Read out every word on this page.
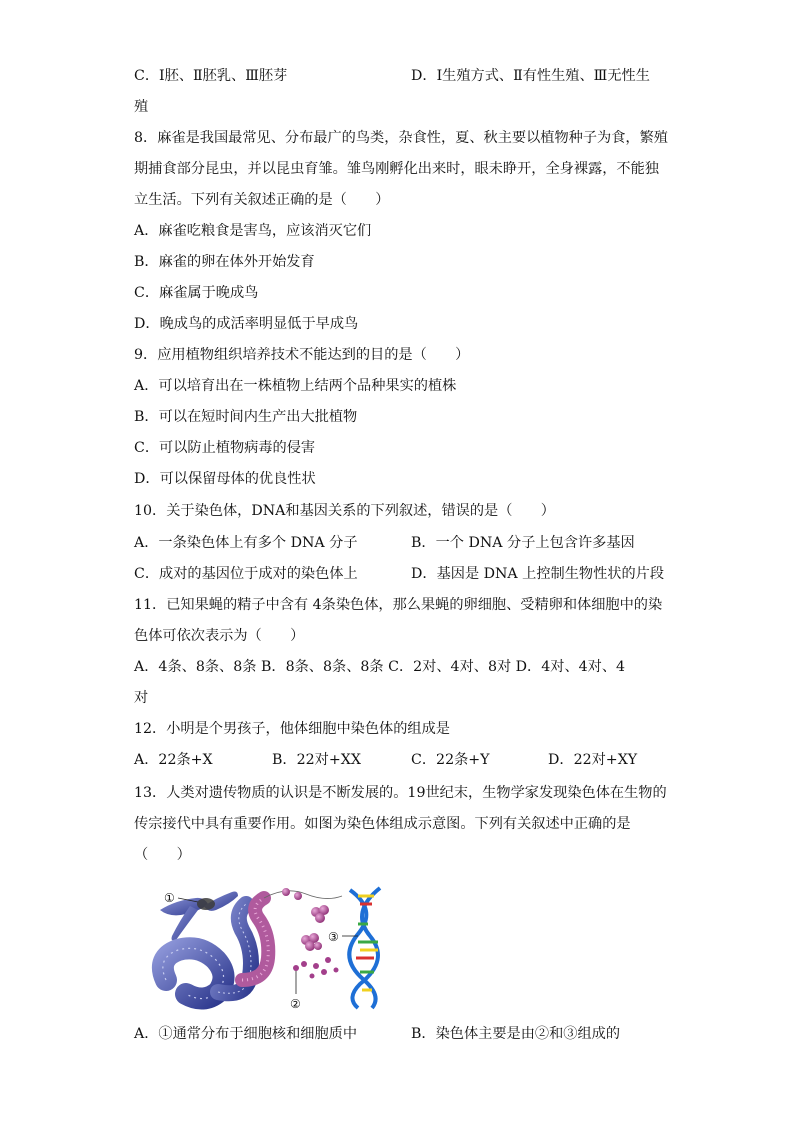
C．Ⅰ胚、Ⅱ胚乳、Ⅲ胚芽	D．Ⅰ生殖方式、Ⅱ有性生殖、Ⅲ无性生
殖
8．麻雀是我国最常见、分布最广的鸟类，杂食性，夏、秋主要以植物种子为食，繁殖
期捕食部分昆虫，并以昆虫育雏。雏鸟刚孵化出来时，眼未睁开，全身裸露，不能独
立生活。下列有关叙述正确的是（　　）
A．麻雀吃粮食是害鸟，应该消灭它们
B．麻雀的卵在体外开始发育
C．麻雀属于晚成鸟
D．晚成鸟的成活率明显低于早成鸟
9．应用植物组织培养技术不能达到的目的是（　　）
A．可以培育出在一株植物上结两个品种果实的植株
B．可以在短时间内生产出大批植物
C．可以防止植物病毒的侵害
D．可以保留母体的优良性状
10．关于染色体，DNA和基因关系的下列叙述，错误的是（　　）
A．一条染色体上有多个 DNA 分子	B．一个 DNA 分子上包含许多基因
C．成对的基因位于成对的染色体上	D．基因是 DNA 上控制生物性状的片段
11．已知果蝇的精子中含有 4条染色体，那么果蝇的卵细胞、受精卵和体细胞中的染
色体可依次表示为（　　）
A．4条、8条、8条 B．8条、8条、8条 C．2对、4对、8对 D．4对、4对、4
对
12．小明是个男孩子，他体细胞中染色体的组成是
A．22条+X	B．22对+XX	C．22条+Y	D．22对+XY
13．人类对遗传物质的认识是不断发展的。19世纪末，生物学家发现染色体在生物的
传宗接代中具有重要作用。如图为染色体组成示意图。下列有关叙述中正确的是
（　　）
①
②
③
A．①通常分布于细胞核和细胞质中	B．染色体主要是由②和③组成的
